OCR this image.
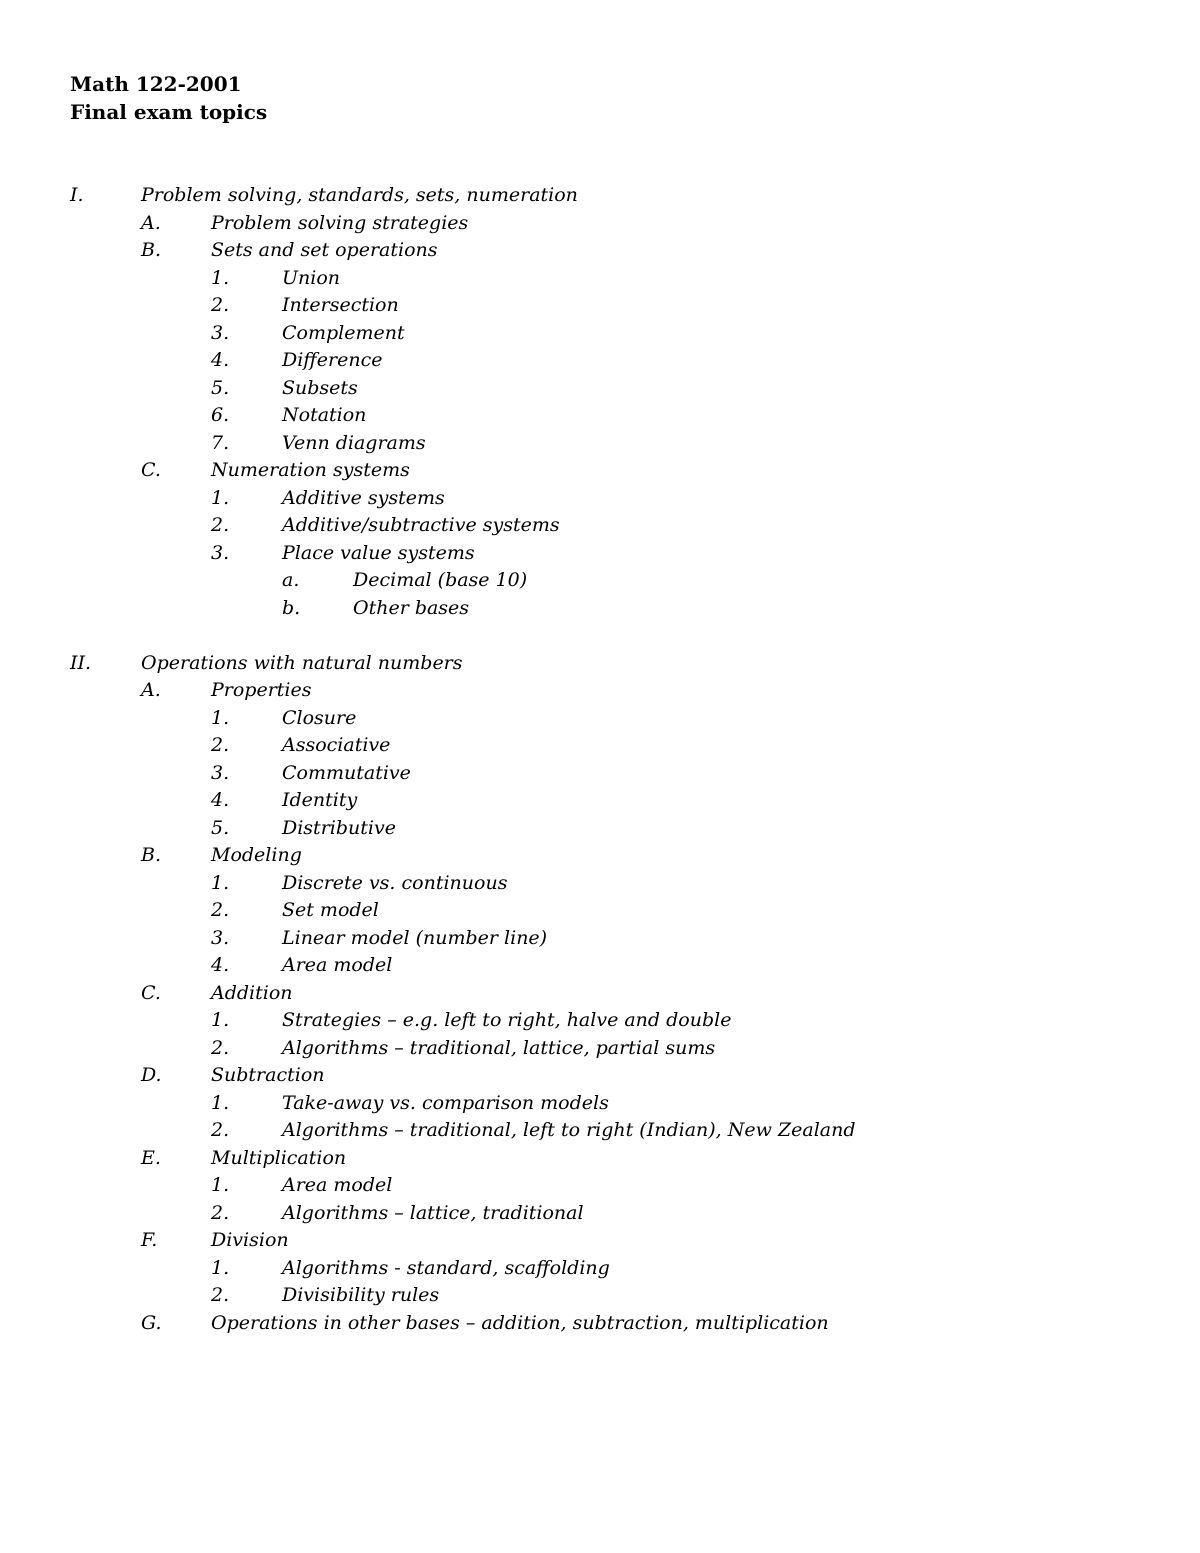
Math 122-2001
Final exam topics
I.	Problem solving, standards, sets, numeration
A.	Problem solving strategies
B.	Sets and set operations
1.	Union
2.	Intersection
3.	Complement
4.	Difference
5.	Subsets
6.	Notation
7.	Venn diagrams
C.	Numeration systems
1.	Additive systems
2.	Additive/subtractive systems
3.	Place value systems
a.	Decimal (base 10)
b.	Other bases
II.	Operations with natural numbers
A.	Properties
1.	Closure
2.	Associative
3.	Commutative
4.	Identity
5.	Distributive
B.	Modeling
1.	Discrete vs. continuous
2.	Set model
3.	Linear model (number line)
4.	Area model
C.	Addition
1.	Strategies – e.g. left to right, halve and double
2.	Algorithms – traditional, lattice, partial sums
D.	Subtraction
1.	Take-away vs. comparison models
2.	Algorithms – traditional, left to right (Indian), New Zealand
E.	Multiplication
1.	Area model
2.	Algorithms – lattice, traditional
F.	Division
1.	Algorithms - standard, scaffolding
2.	Divisibility rules
G.	Operations in other bases – addition, subtraction, multiplication
